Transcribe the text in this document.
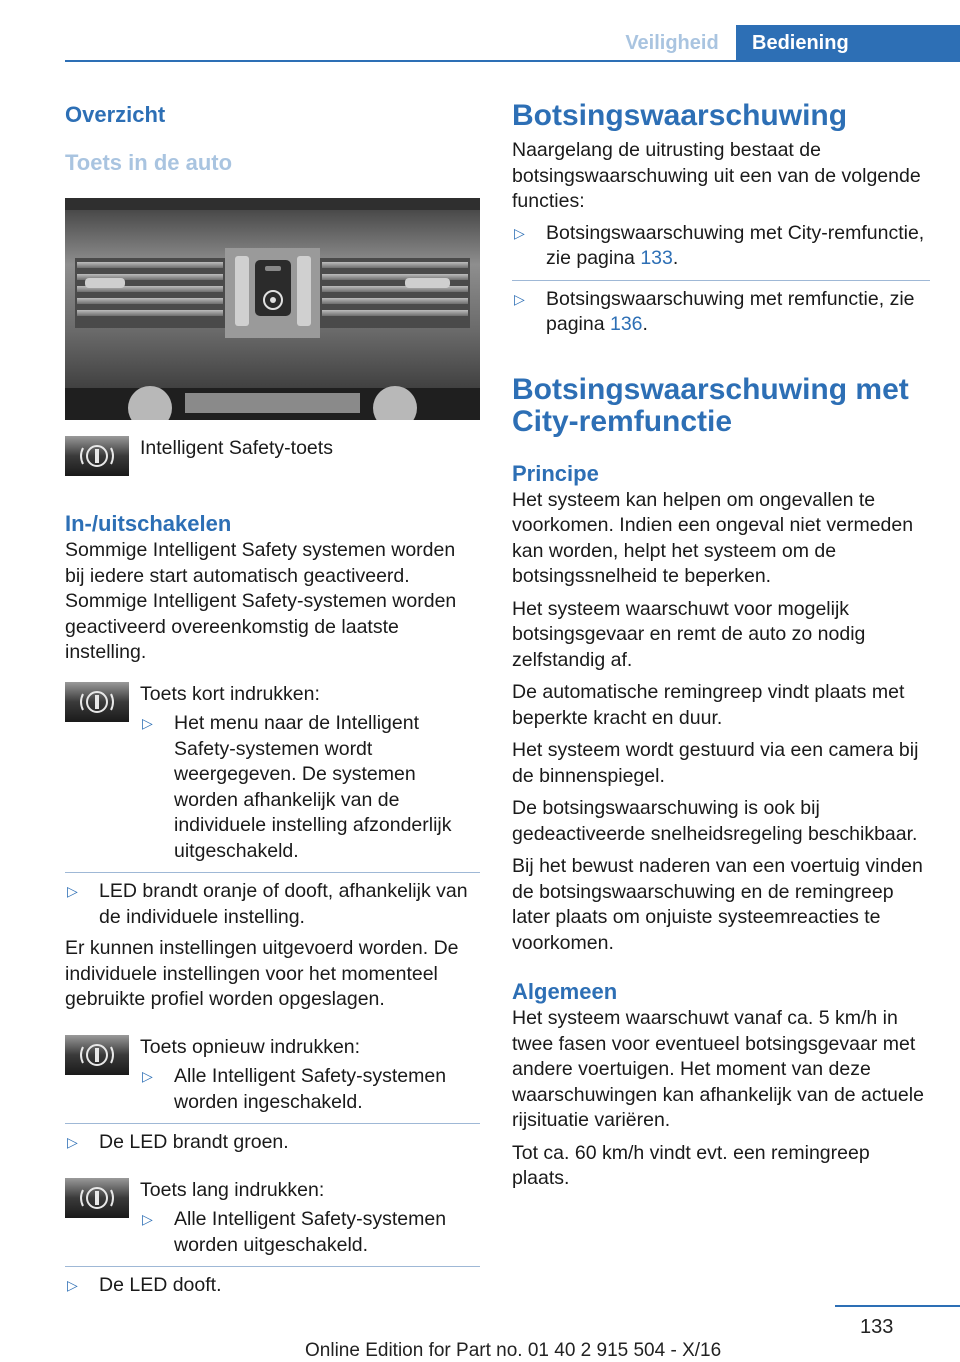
Veiligheid	Bediening

Overzicht

Toets in de auto

Intelligent Safety-toets

In-/uitschakelen

Sommige Intelligent Safety systemen worden bij iedere start automatisch geactiveerd. Sommige Intelligent Safety-systemen worden geactiveerd overeenkomstig de laatste instelling.

Toets kort indrukken:

▷	Het menu naar de Intelligent Safety-systemen wordt weergegeven. De systemen worden afhankelijk van de individuele instelling afzonderlijk uitgeschakeld.

▷	LED brandt oranje of dooft, afhankelijk van de individuele instelling.

Er kunnen instellingen uitgevoerd worden. De individuele instellingen voor het momenteel gebruikte profiel worden opgeslagen.

Toets opnieuw indrukken:

▷	Alle Intelligent Safety-systemen worden ingeschakeld.

▷	De LED brandt groen.

Toets lang indrukken:

▷	Alle Intelligent Safety-systemen worden uitgeschakeld.

▷	De LED dooft.

Botsingswaarschuwing

Naargelang de uitrusting bestaat de botsingswaarschuwing uit een van de volgende functies:

▷	Botsingswaarschuwing met City-remfunctie, zie pagina 133.

▷	Botsingswaarschuwing met remfunctie, zie pagina 136.

Botsingswaarschuwing met
City-remfunctie

Principe

Het systeem kan helpen om ongevallen te voorkomen. Indien een ongeval niet vermeden kan worden, helpt het systeem om de botsingssnelheid te beperken.

Het systeem waarschuwt voor mogelijk botsingsgevaar en remt de auto zo nodig zelfstandig af.

De automatische remingreep vindt plaats met beperkte kracht en duur.

Het systeem wordt gestuurd via een camera bij de binnenspiegel.

De botsingswaarschuwing is ook bij gedeactiveerde snelheidsregeling beschikbaar.

Bij het bewust naderen van een voertuig vinden de botsingswaarschuwing en de remingreep later plaats om onjuiste systeemreacties te voorkomen.

Algemeen

Het systeem waarschuwt vanaf ca. 5 km/h in twee fasen voor eventueel botsingsgevaar met andere voertuigen. Het moment van deze waarschuwingen kan afhankelijk van de actuele rijsituatie variëren.

Tot ca. 60 km/h vindt evt. een remingreep plaats.

133
Online Edition for Part no. 01 40 2 915 504 - X/16
